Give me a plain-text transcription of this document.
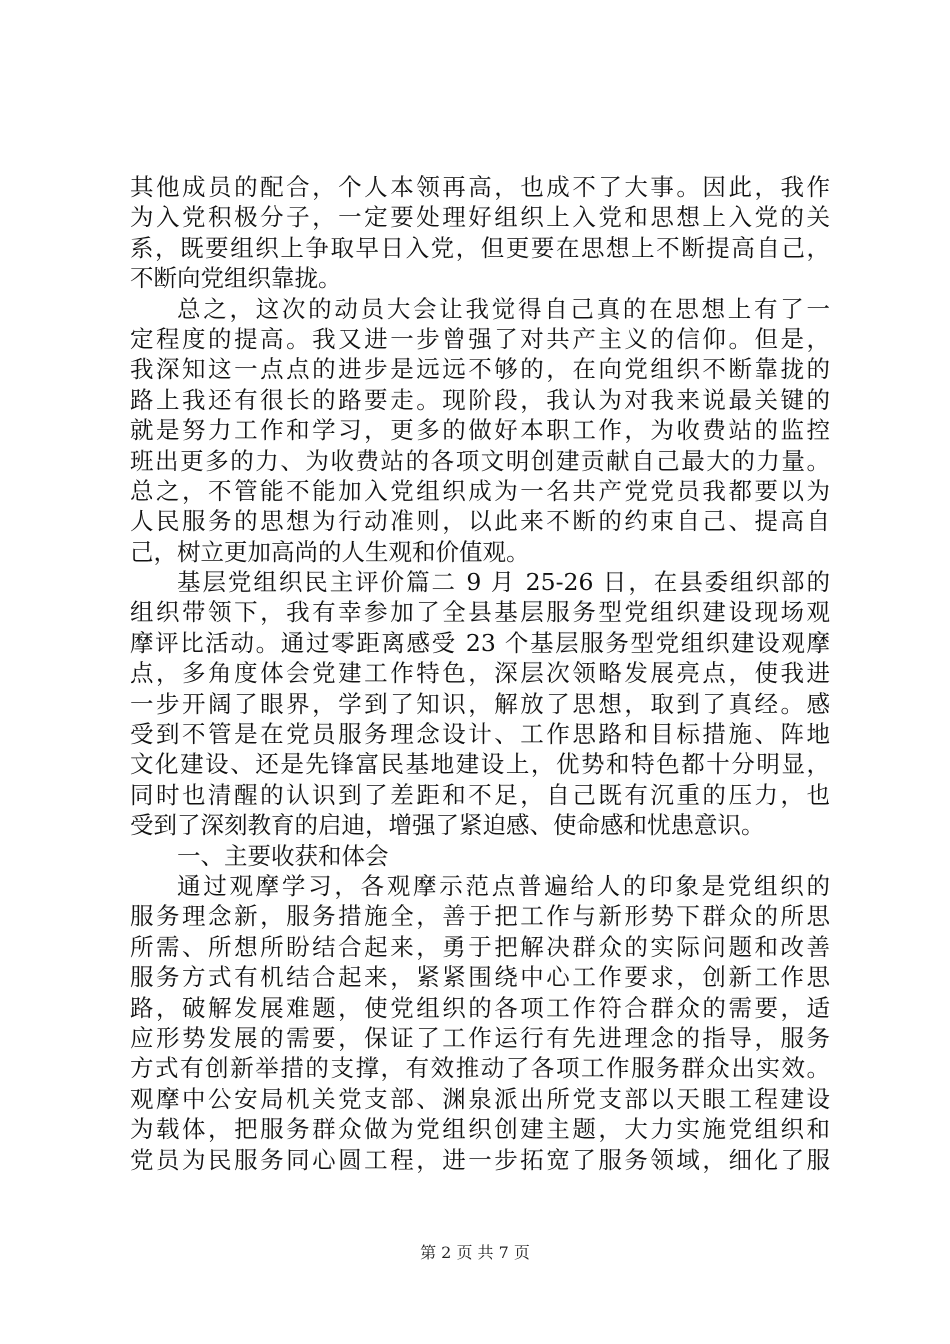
其他成员的配合，个人本领再高，也成不了大事。因此，我作
为入党积极分子，一定要处理好组织上入党和思想上入党的关
系，既要组织上争取早日入党，但更要在思想上不断提高自己，
不断向党组织靠拢。
总之，这次的动员大会让我觉得自己真的在思想上有了一
定程度的提高。我又进一步曾强了对共产主义的信仰。但是，
我深知这一点点的进步是远远不够的，在向党组织不断靠拢的
路上我还有很长的路要走。现阶段，我认为对我来说最关键的
就是努力工作和学习，更多的做好本职工作，为收费站的监控
班出更多的力、为收费站的各项文明创建贡献自己最大的力量。
总之，不管能不能加入党组织成为一名共产党党员我都要以为
人民服务的思想为行动准则，以此来不断的约束自己、提高自
己，树立更加高尚的人生观和价值观。
基层党组织民主评价篇二 9 月 25-26 日，在县委组织部的
组织带领下，我有幸参加了全县基层服务型党组织建设现场观
摩评比活动。通过零距离感受 23 个基层服务型党组织建设观摩
点，多角度体会党建工作特色，深层次领略发展亮点，使我进
一步开阔了眼界，学到了知识，解放了思想，取到了真经。感
受到不管是在党员服务理念设计、工作思路和目标措施、阵地
文化建设、还是先锋富民基地建设上，优势和特色都十分明显，
同时也清醒的认识到了差距和不足，自己既有沉重的压力，也
受到了深刻教育的启迪，增强了紧迫感、使命感和忧患意识。
一、主要收获和体会
通过观摩学习，各观摩示范点普遍给人的印象是党组织的
服务理念新，服务措施全，善于把工作与新形势下群众的所思
所需、所想所盼结合起来，勇于把解决群众的实际问题和改善
服务方式有机结合起来，紧紧围绕中心工作要求，创新工作思
路，破解发展难题，使党组织的各项工作符合群众的需要，适
应形势发展的需要，保证了工作运行有先进理念的指导，服务
方式有创新举措的支撑，有效推动了各项工作服务群众出实效。
观摩中公安局机关党支部、渊泉派出所党支部以天眼工程建设
为载体，把服务群众做为党组织创建主题，大力实施党组织和
党员为民服务同心圆工程，进一步拓宽了服务领域，细化了服
第 2 页 共 7 页
